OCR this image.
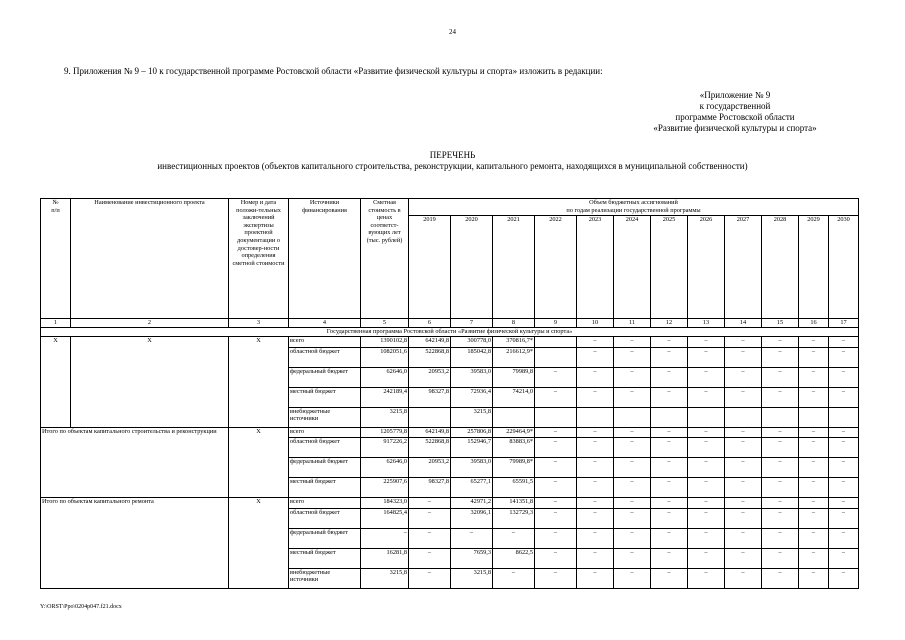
24
9. Приложения № 9 – 10 к государственной программе Ростовской области «Развитие физической культуры и спорта» изложить в редакции:
«Приложение № 9
к государственной
программе Ростовской области
«Развитие физической культуры и спорта»
ПЕРЕЧЕНЬ
инвестиционных проектов (объектов капитального строительства, реконструкции, капитального ремонта, находящихся в муниципальной собственности)
№
п/п	Наименование инвестиционного проекта	Номер и дата положи-тельных заключений экспертизы проектной документации о достовер-ности определения сметной стоимости	Источники финансирования	Сметная стоимость в ценах соответст-вующих лет (тыс. рублей)	Объем бюджетных ассигнований
по годам реализации государственной программы											
					2019	2020	2021	2022	2023	2024	2025	2026	2027	2028	2029	2030
1	2	3	4	5	6	7	8	9	10	11	12	13	14	15	16	17
Государственная программа Ростовской области «Развитие физической культуры и спорта»																
Х	Х	Х	всего	1390102,8	642149,8	300778,0	370816,7*		–	–	–	–	–	–	–	–
			областной бюджет	1082051,6	522868,8	185042,8	216612,9*		–	–	–	–	–	–	–	–
			федеральный бюджет	62646,0	20953,2	39583,0	79989,8	–	–	–	–	–	–	–	–	–
			местный бюджет	242189,4	98327,8	72936,4	74214,0	–	–	–	–	–	–	–	–	–
			внебюджетные источники	3215,8		3215,8										
Итого по объектам капитального строительства и реконструкции		Х	всего	1205779,8	642149,8	257806,8	229464,9*	–	–	–	–	–	–	–	–	–
			областной бюджет	917226,2	522868,8	152946,7	83883,6*	–	–	–	–	–	–	–	–	–
			федеральный бюджет	62646,0	20953,2	39583,0	79989,8*	–	–	–	–	–	–	–	–	–
			местный бюджет	225907,6	98327,8	65277,1	65591,5	–	–	–	–	–	–	–	–	–
Итого по объектам капитального ремонта		Х	всего	184323,0	–	42971,2	141351,8	–	–	–	–	–	–	–	–	–
			областной бюджет	164825,4	–	32096,1	132729,3	–	–	–	–	–	–	–	–	–
			федеральный бюджет	–	–	–	–	–	–	–	–	–	–	–	–	–
			местный бюджет	16281,8	–	7659,3	8622,5	–	–	–	–	–	–	–	–	–
			внебюджетные источники	3215,8	–	3215,8	–	–	–	–	–	–	–	–	–	–
Y:\ORST\Ppo\0204p047.f21.docx
